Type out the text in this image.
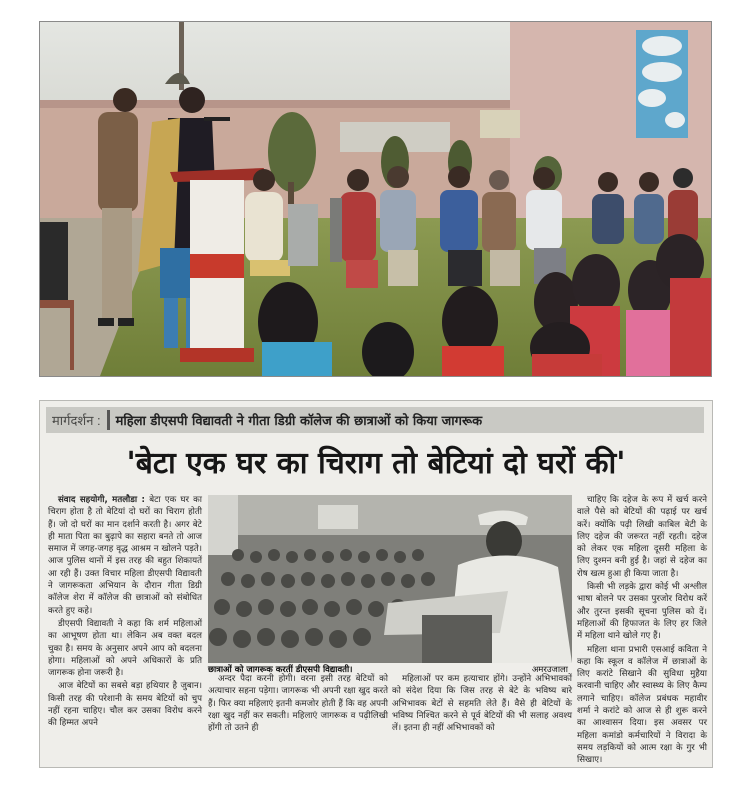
मार्गदर्शन :	महिला डीएसपी विद्यावती ने गीता डिग्री कॉलेज की छात्राओं को किया जागरूक
'बेटा एक घर का चिराग तो बेटियां दो घरों की'

संवाद सहयोगी, मतलौडा : बेटा एक घर का चिराग होता है तो बेटियां दो घरों का चिराग होती हैं। जो दो घरों का मान दर्शाने करती है। अगर बेटे ही माता पिता का बुढ़ापे का सहारा बनते तो आज समाज में जगह-जगह वृद्ध आश्रम न खोलने पड़ते। आज पुलिस थानों में इस तरह की बहुत शिकायतें आ रही हैं। उक्त विचार महिला डीएसपी विद्यावती ने जागरूकता अभियान के दौरान गीता डिग्री कॉलेज शेरा में कॉलेज की छात्राओं को संबोधित करते हुए कहे।

डीएसपी विद्यावती ने कहा कि शर्म महिलाओं का आभूषण होता था। लेकिन अब वक्त बदल चुका है। समय के अनुसार अपने आप को बदलना होगा। महिलाओं को अपने अधिकारों के प्रति जागरूक होना जरूरी है।

आज बेटियों का सबसे बड़ा हथियार है जुबान। किसी तरह की परेशानी के समय बेटियों को चुप नहीं रहना चाहिए। चौल कर उसका विरोध करने की हिम्मत अपने

छात्राओं को जागरूक करतीं डीएसपी विद्यावती।	अमरउजाला

अन्दर पैदा करनी होगी। वरना इसी तरह बेटियों को अत्याचार सहना पड़ेगा। जागरूक भी अपनी रक्षा खुद करते हैं। फिर क्या महिलाएं इतनी कमजोर होती हैं कि वह अपनी रक्षा खुद नहीं कर सकती। महिलाएं जागरूक व पढ़ीलिखी होंगी तो उतने ही

महिलाओं पर कम हत्याचार होंगे। उन्होंने अभिभावकों को संदेश दिया कि जिस तरह से बेटे के भविष्य बारे अभिभावक बेटों से सहमति लेते हैं। वैसे ही बेटियों के भविष्य निश्चित करने से पूर्व बेटियों की भी सलाह अवश्य लें। इतना ही नहीं अभिभावकों को

चाहिए कि दहेज के रूप में खर्च करने वाले पैसे को बेटियों की पढ़ाई पर खर्च करें। क्योंकि पढ़ी लिखी काबिल बेटी के लिए दहेज की जरूरत नहीं रहती। दहेज को लेकर एक महिला दूसरी महिला के लिए दुश्मन बनी हुई है। जहां से दहेज का रोष खत्म हुआ ही किया जाता है।

किसी भी लड़के द्वारा कोई भी अश्लील भाषा बोलने पर उसका पुरजोर विरोध करें और तुरन्त इसकी सूचना पुलिस को दें। महिलाओं की हिफाजत के लिए हर जिले में महिला थाने खोले गए हैं।

महिला थाना प्रभारी एसआई कविता ने कहा कि स्कूल व कॉलेज में छात्राओं के लिए करांटे सिखाने की सुविधा मुहैया करवानी चाहिए और स्वास्थ्य के लिए कैम्प लगाने चाहिए। कॉलेज प्रबंधक महावीर शर्मा ने करांटे को आज से ही शुरू करने का आश्वासन दिया। इस अवसर पर महिला कमांडो कर्मचारियों ने विरादा के समय लड़कियों को आत्म रक्षा के गुर भी सिखाए।
